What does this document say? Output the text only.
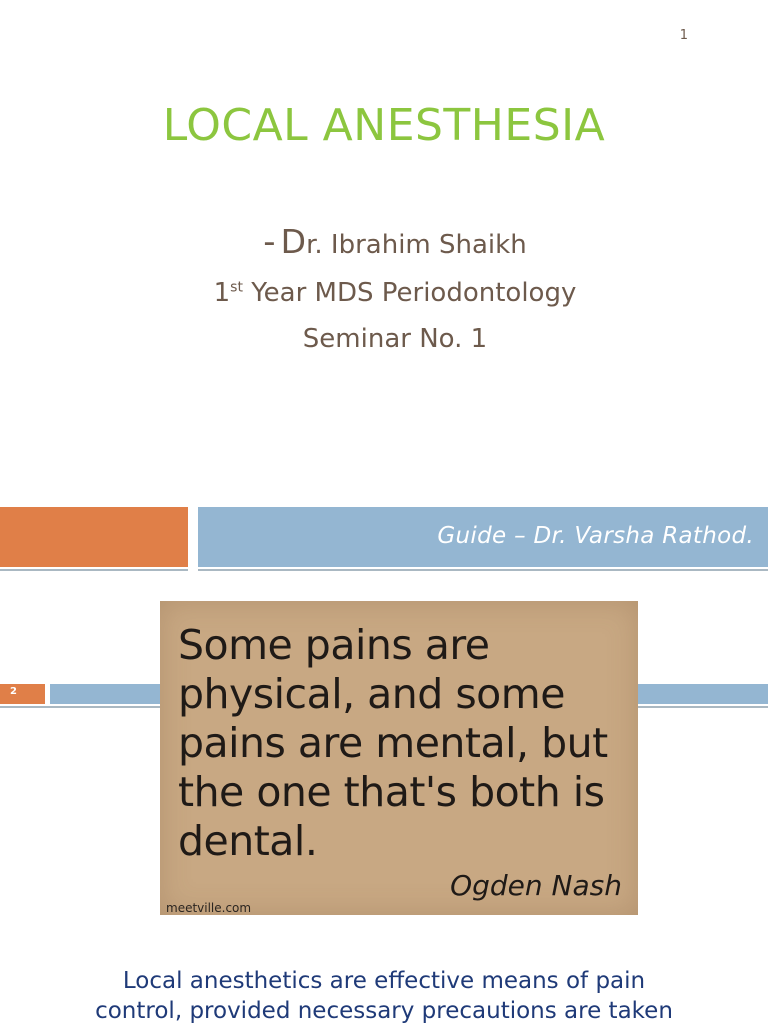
1
LOCAL ANESTHESIA
- Dr. Ibrahim Shaikh
1st Year MDS Periodontology
Seminar No. 1
Guide – Dr. Varsha Rathod.
2
Some pains are physical, and some pains are mental, but the one that's both is dental.
Ogden Nash
meetville.com
Local anesthetics are effective means of pain
control, provided necessary precautions are taken
